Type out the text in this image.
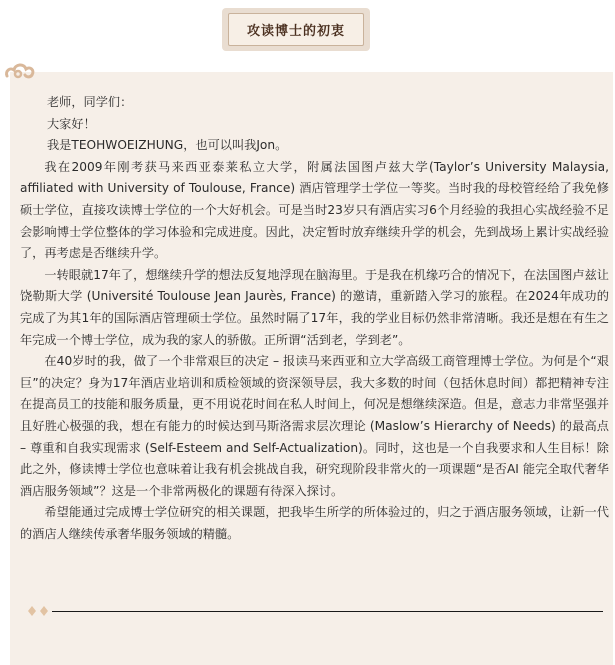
攻读博士的初衷

老师，同学们：

大家好！

我是TEOHWOEIZHUNG，也可以叫我Jon。

我在2009年刚考获马来西亚泰莱私立大学，附属法国图卢兹大学(Taylor’s University Malaysia, affiliated with University of Toulouse, France) 酒店管理学士学位一等奖。当时我的母校管经给了我免修硕士学位，直接攻读博士学位的一个大好机会。可是当时23岁只有酒店实习6个月经验的我担心实战经验不足会影响博士学位整体的学习体验和完成进度。因此，决定暂时放弃继续升学的机会，先到战场上累计实战经验了，再考虑是否继续升学。

一转眼就17年了，想继续升学的想法反复地浮现在脑海里。于是我在机缘巧合的情况下，在法国图卢兹让饶勒斯大学 (Université Toulouse Jean Jaurès, France) 的邀请，重新踏入学习的旅程。在2024年成功的完成了为其1年的国际酒店管理硕士学位。虽然时隔了17年，我的学业目标仍然非常清晰。我还是想在有生之年完成一个博士学位，成为我的家人的骄傲。正所谓“活到老，学到老”。

在40岁时的我，做了一个非常艰巨的决定 – 报读马来西亚和立大学高级工商管理博士学位。为何是个“艰巨”的决定？身为17年酒店业培训和质检领域的资深领导层，我大多数的时间（包括休息时间）都把精神专注在提高员工的技能和服务质量，更不用说花时间在私人时间上，何况是想继续深造。但是，意志力非常坚强并且好胜心极强的我，想在有能力的时候达到马斯洛需求层次理论 (Maslow’s Hierarchy of Needs) 的最高点 – 尊重和自我实现需求 (Self-Esteem and Self-Actualization)。同时，这也是一个自我要求和人生目标！除此之外，修读博士学位也意味着让我有机会挑战自我，研究现阶段非常火的一项课题“是否AI 能完全取代奢华酒店服务领域”？这是一个非常两极化的课题有待深入探讨。

希望能通过完成博士学位研究的相关课题，把我毕生所学的所体验过的，归之于酒店服务领域，让新一代的酒店人继续传承奢华服务领域的精髓。
